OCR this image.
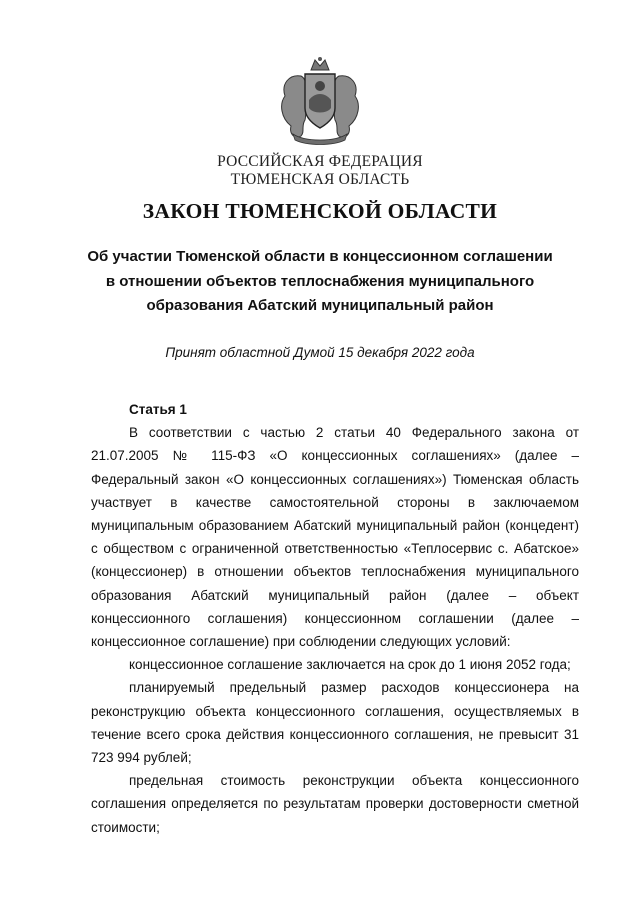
РОССИЙСКАЯ ФЕДЕРАЦИЯ
ТЮМЕНСКАЯ ОБЛАСТЬ
ЗАКОН ТЮМЕНСКОЙ ОБЛАСТИ
Об участии Тюменской области в концессионном соглашении
в отношении объектов теплоснабжения муниципального
образования Абатский муниципальный район
Принят областной Думой 15 декабря 2022 года
Статья 1

В соответствии с частью 2 статьи 40 Федерального закона от 21.07.2005 № 115-ФЗ «О концессионных соглашениях» (далее – Федеральный закон «О концессионных соглашениях») Тюменская область участвует в качестве самостоятельной стороны в заключаемом муниципальным образованием Абатский муниципальный район (концедент) с обществом с ограниченной ответственностью «Теплосервис с. Абатское» (концессионер) в отношении объектов теплоснабжения муниципального образования Абатский муниципальный район (далее – объект концессионного соглашения) концессионном соглашении (далее – концессионное соглашение) при соблюдении следующих условий:

концессионное соглашение заключается на срок до 1 июня 2052 года;

планируемый предельный размер расходов концессионера на реконструкцию объекта концессионного соглашения, осуществляемых в течение всего срока действия концессионного соглашения, не превысит 31 723 994 рублей;

предельная стоимость реконструкции объекта концессионного соглашения определяется по результатам проверки достоверности сметной стоимости;
